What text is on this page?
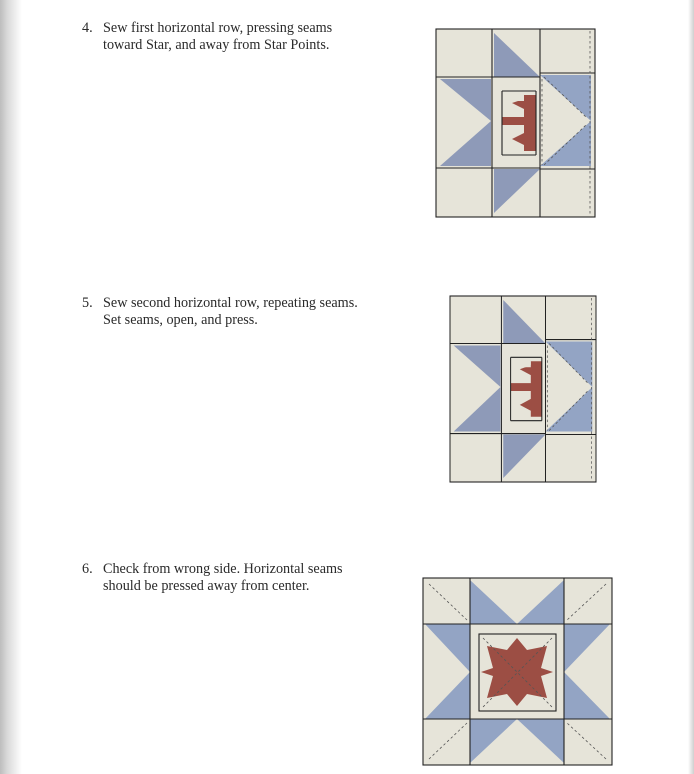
4. Sew first horizontal row, pressing seams
toward Star, and away from Star Points.
5. Sew second horizontal row, repeating seams.
Set seams, open, and press.
6. Check from wrong side. Horizontal seams
should be pressed away from center.
